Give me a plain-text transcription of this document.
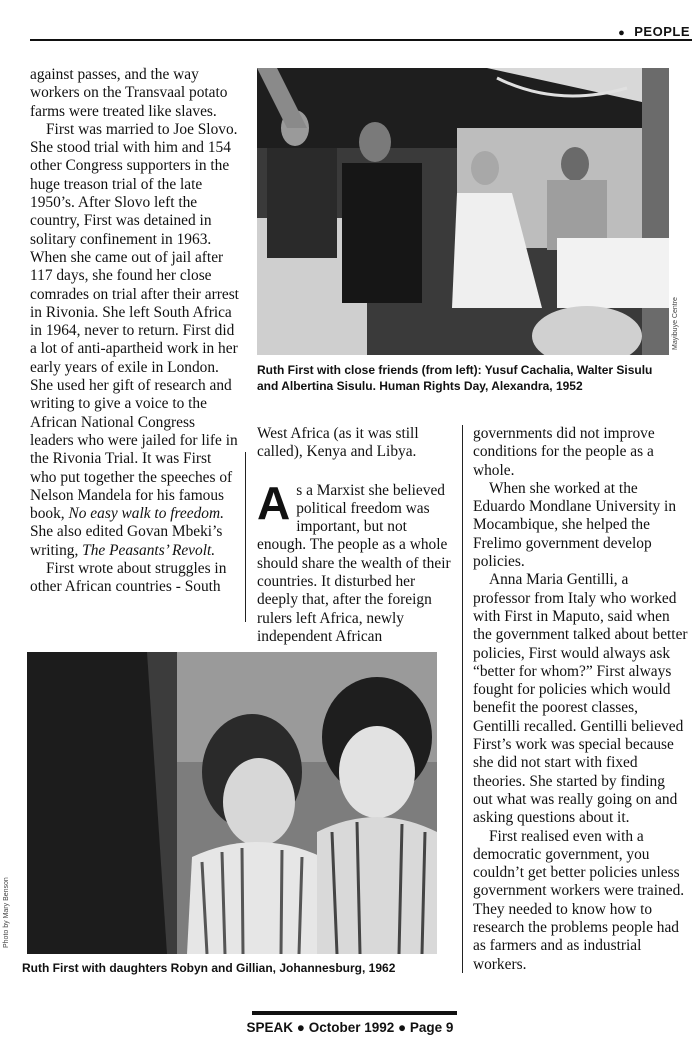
● PEOPLE

against passes, and the way workers on the Transvaal potato farms were treated like slaves.

First was married to Joe Slovo. She stood trial with him and 154 other Congress supporters in the huge treason trial of the late 1950’s. After Slovo left the country, First was detained in solitary confinement in 1963. When she came out of jail after 117 days, she found her close comrades on trial after their arrest in Rivonia. She left South Africa in 1964, never to return. First did a lot of anti-apartheid work in her early years of exile in London. She used her gift of research and writing to give a voice to the African National Congress leaders who were jailed for life in the Rivonia Trial. It was First who put together the speeches of Nelson Mandela for his famous book, No easy walk to freedom. She also edited Govan Mbeki’s writing, The Peasants’ Revolt.

First wrote about struggles in other African countries - South

Mayibuye Centre
Ruth First with close friends (from left): Yusuf Cachalia, Walter Sisulu and Albertina Sisulu. Human Rights Day, Alexandra, 1952

West Africa (as it was still called), Kenya and Libya.

As a Marxist she believed political freedom was important, but not enough. The people as a whole should share the wealth of their countries. It disturbed her deeply that, after the foreign rulers left Africa, newly independent African

governments did not improve conditions for the people as a whole.

When she worked at the Eduardo Mondlane University in Mocambique, she helped the Frelimo government develop policies.

Anna Maria Gentilli, a professor from Italy who worked with First in Maputo, said when the government talked about better policies, First would always ask “better for whom?” First always fought for policies which would benefit the poorest classes, Gentilli recalled. Gentilli believed First’s work was special because she did not start with fixed theories. She started by finding out what was really going on and asking questions about it.

First realised even with a democratic government, you couldn’t get better policies unless government workers were trained. They needed to know how to research the problems people had as farmers and as industrial workers.

Photo by Mary Benson
Ruth First with daughters Robyn and Gillian, Johannesburg, 1962
SPEAK ● October 1992 ● Page 9
